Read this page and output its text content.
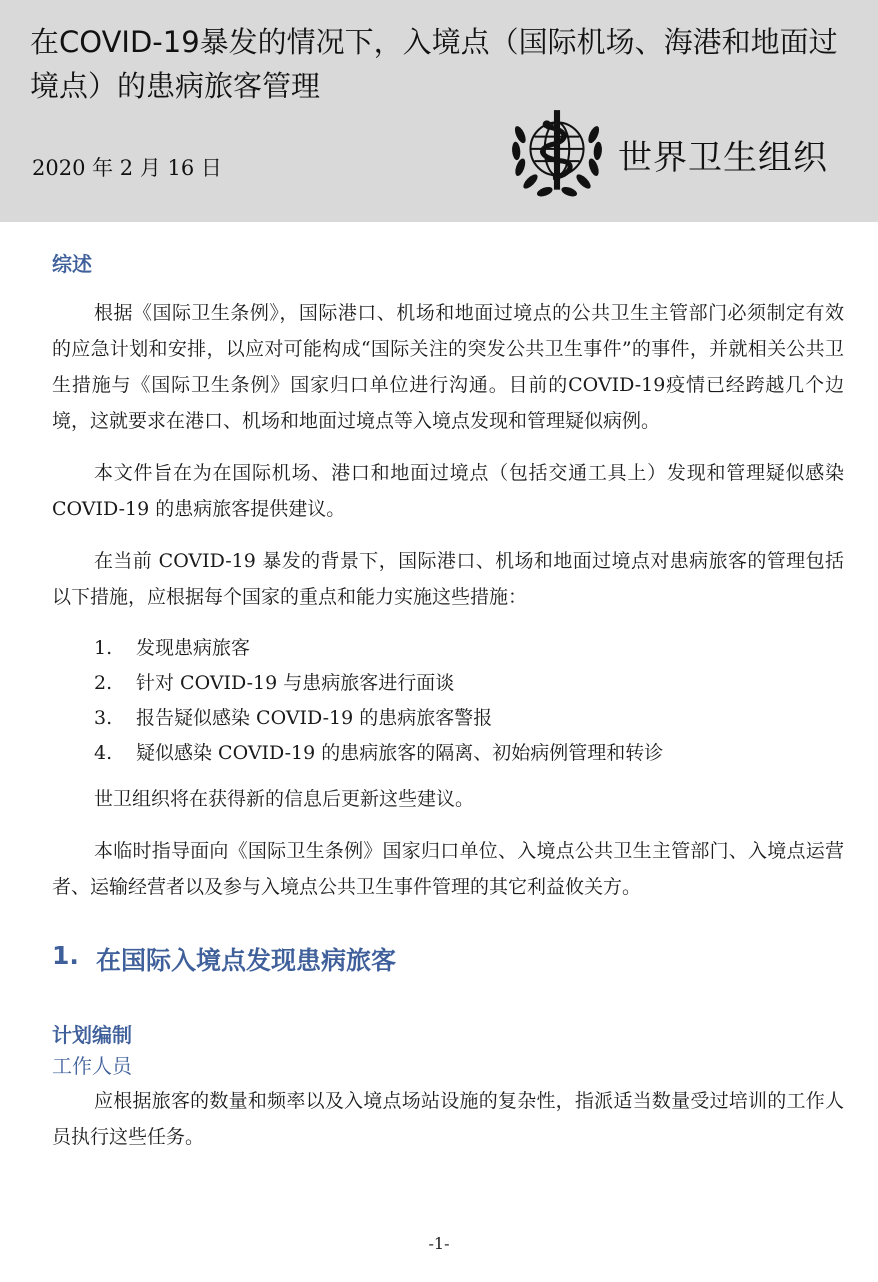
在COVID-19暴发的情况下，入境点（国际机场、海港和地面过境点）的患病旅客管理
2020 年 2 月 16 日	世界卫生组织
综述

根据《国际卫生条例》，国际港口、机场和地面过境点的公共卫生主管部门必须制定有效的应急计划和安排，以应对可能构成“国际关注的突发公共卫生事件”的事件，并就相关公共卫生措施与《国际卫生条例》国家归口单位进行沟通。目前的COVID-19疫情已经跨越几个边境，这就要求在港口、机场和地面过境点等入境点发现和管理疑似病例。

本文件旨在为在国际机场、港口和地面过境点（包括交通工具上）发现和管理疑似感染 COVID-19 的患病旅客提供建议。

在当前 COVID-19 暴发的背景下，国际港口、机场和地面过境点对患病旅客的管理包括以下措施，应根据每个国家的重点和能力实施这些措施：

1.	发现患病旅客
2.	针对 COVID-19 与患病旅客进行面谈
3.	报告疑似感染 COVID-19 的患病旅客警报
4.	疑似感染 COVID-19 的患病旅客的隔离、初始病例管理和转诊

世卫组织将在获得新的信息后更新这些建议。

本临时指导面向《国际卫生条例》国家归口单位、入境点公共卫生主管部门、入境点运营者、运输经营者以及参与入境点公共卫生事件管理的其它利益攸关方。

1. 在国际入境点发现患病旅客
计划编制
工作人员

应根据旅客的数量和频率以及入境点场站设施的复杂性，指派适当数量受过培训的工作人员执行这些任务。

-1-
